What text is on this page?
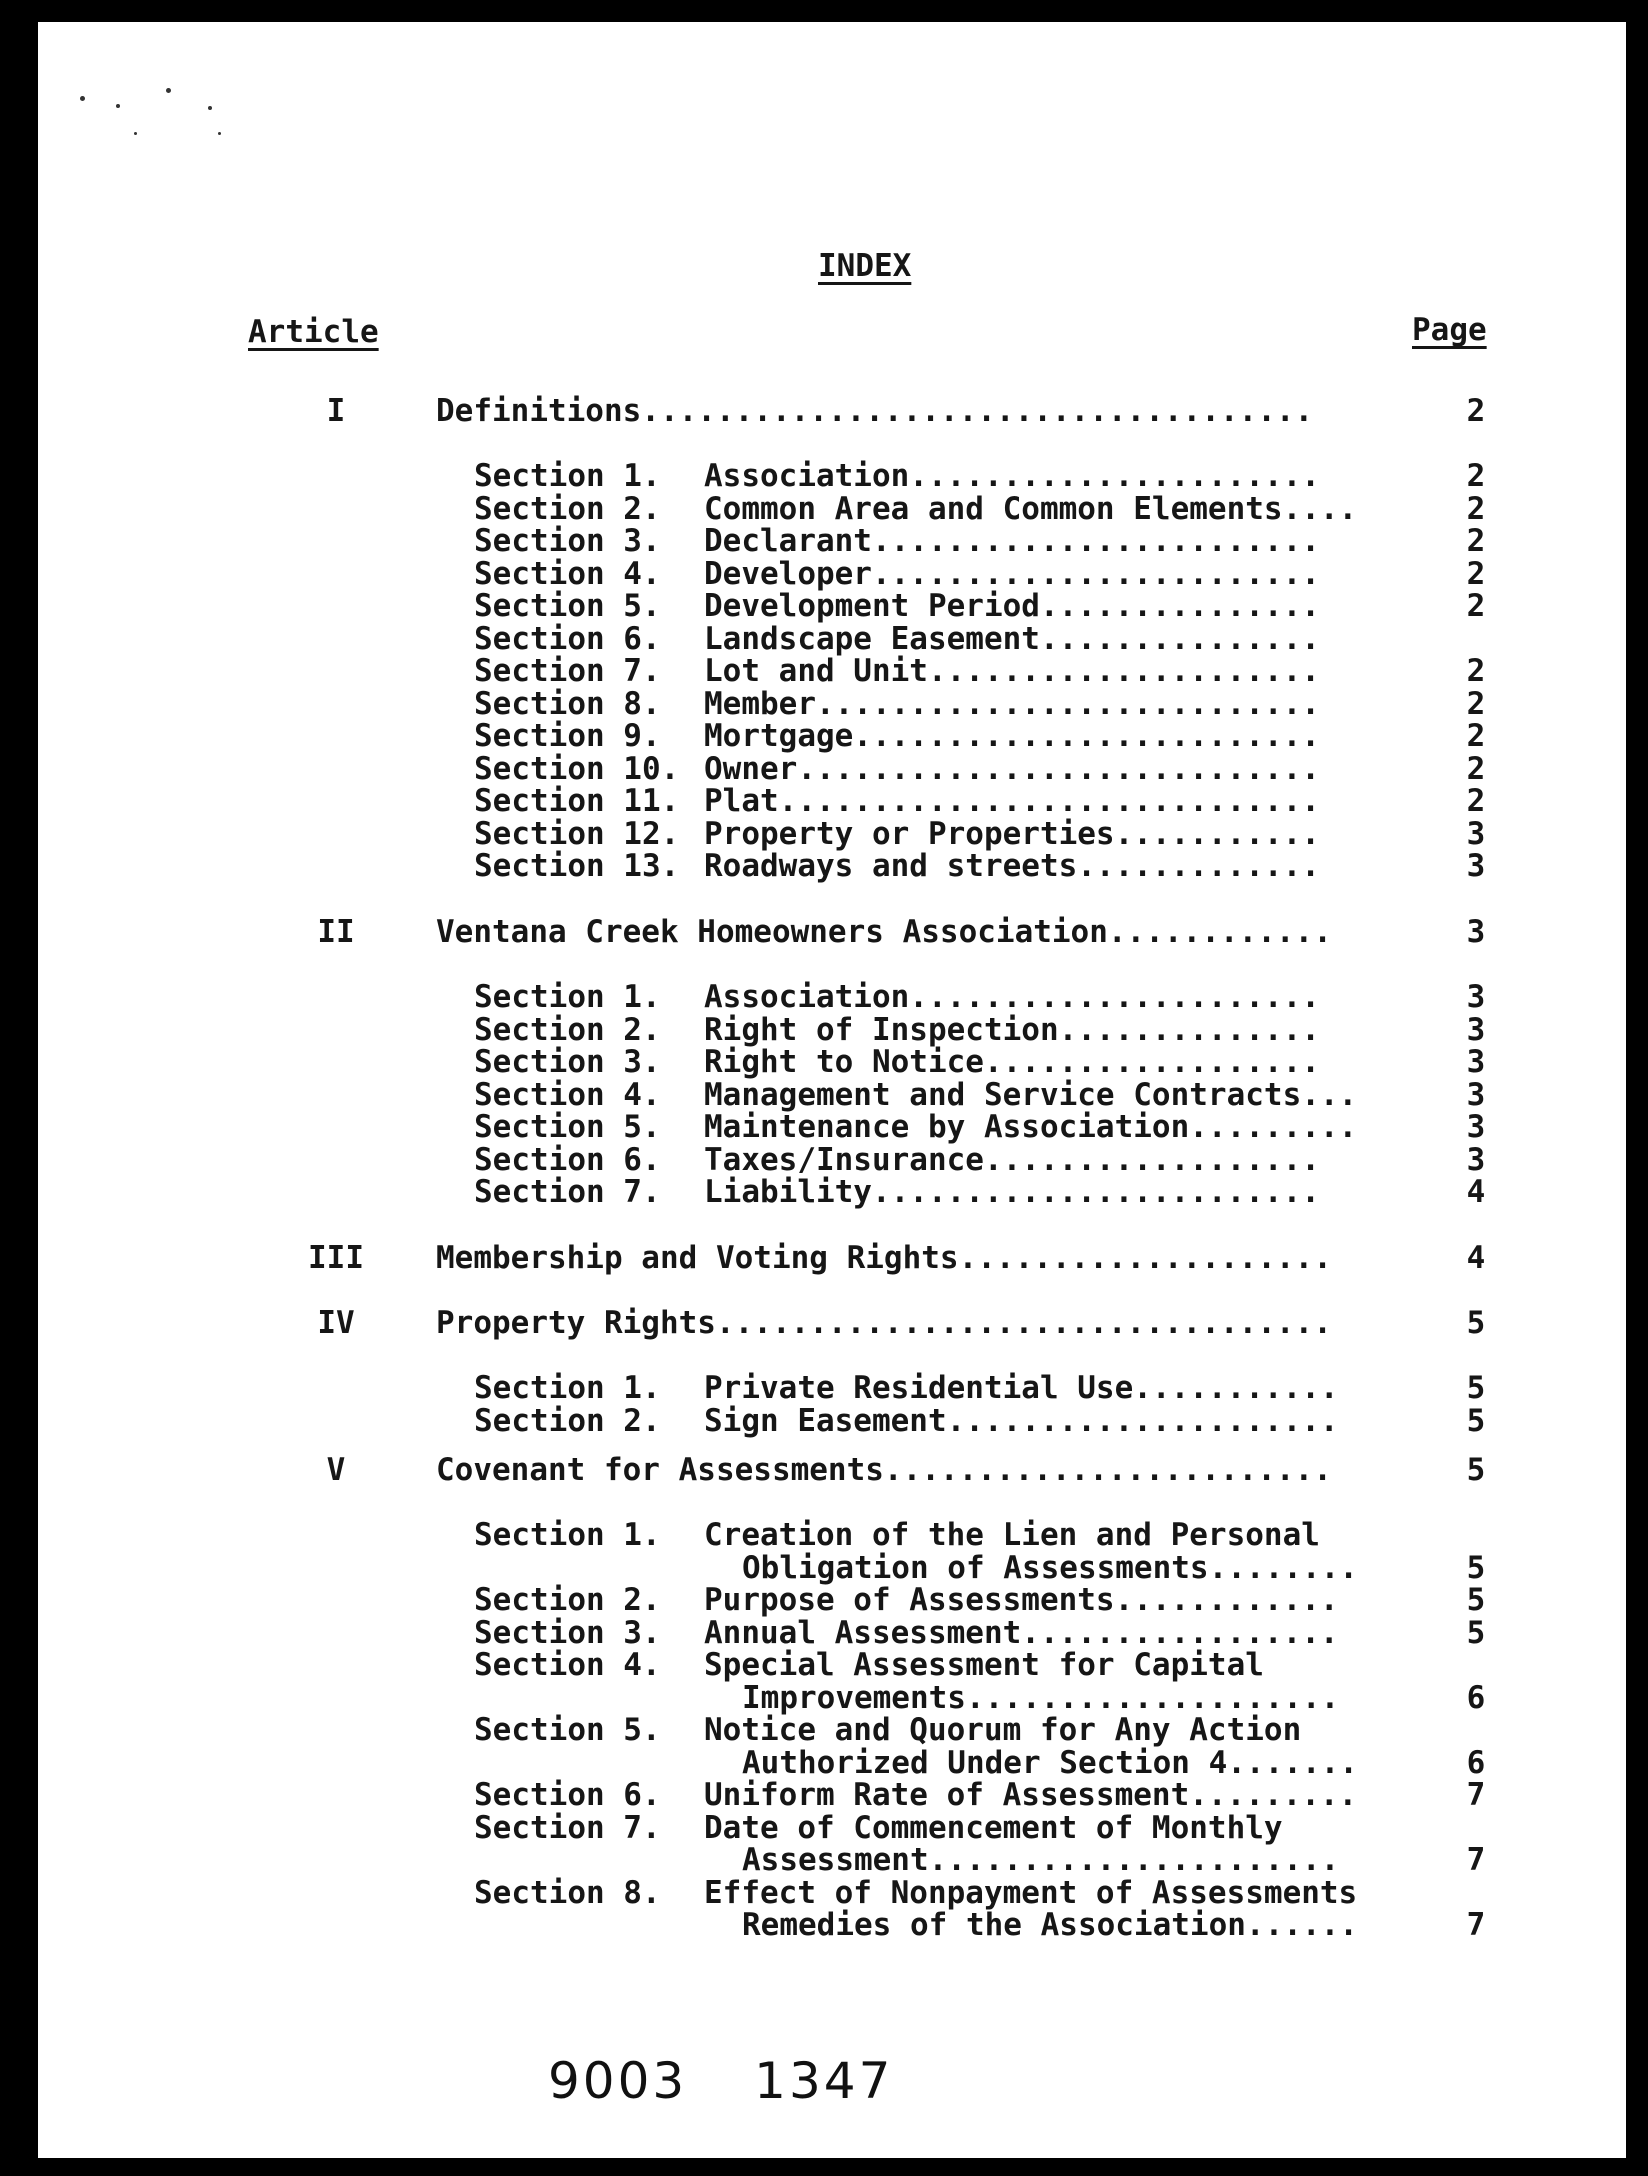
INDEX
Article	Page
I	Definitions....................................	2
Section 1. Association......................	2
Section 2. Common Area and Common Elements....	2
Section 3. Declarant........................	2
Section 4. Developer........................	2
Section 5. Development Period...............	2
Section 6. Landscape Easement...............
Section 7. Lot and Unit.....................	2
Section 8. Member...........................	2
Section 9. Mortgage.........................	2
Section 10. Owner............................	2
Section 11. Plat.............................	2
Section 12. Property or Properties...........	3
Section 13. Roadways and streets.............	3
II	Ventana Creek Homeowners Association............	3
Section 1. Association......................	3
Section 2. Right of Inspection..............	3
Section 3. Right to Notice..................	3
Section 4. Management and Service Contracts...	3
Section 5. Maintenance by Association.........	3
Section 6. Taxes/Insurance..................	3
Section 7. Liability........................	4
III Membership and Voting Rights....................	4
IV	Property Rights.................................	5
Section 1. Private Residential Use...........	5
Section 2. Sign Easement.....................	5
V	Covenant for Assessments........................	5
Section 1. Creation of the Lien and Personal
Obligation of Assessments........	5
Section 2. Purpose of Assessments............	5
Section 3. Annual Assessment.................	5
Section 4. Special Assessment for Capital
Improvements....................	6
Section 5. Notice and Quorum for Any Action
Authorized Under Section 4.......	6
Section 6. Uniform Rate of Assessment.........	7
Section 7. Date of Commencement of Monthly
Assessment......................	7
Section 8. Effect of Nonpayment of Assessments
Remedies of the Association......	7
9003 1347
